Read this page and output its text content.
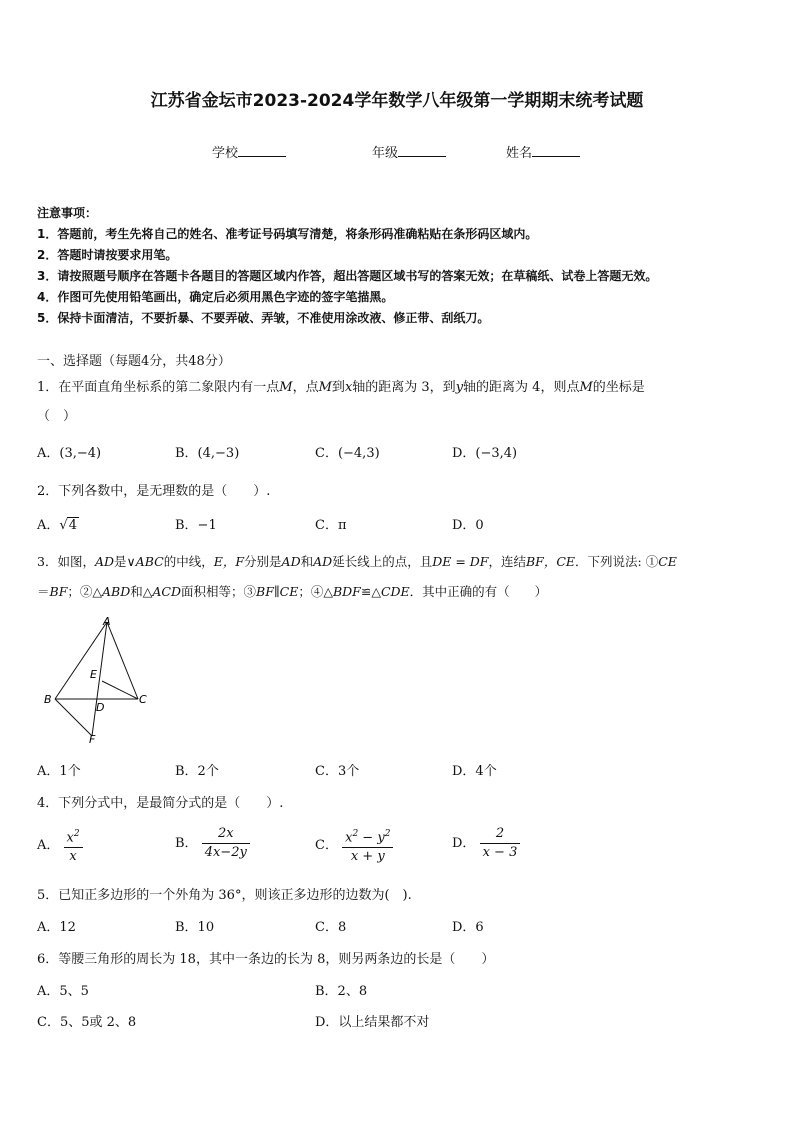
江苏省金坛市2023-2024学年数学八年级第一学期期末统考试题
学校	年级	姓名
注意事项：
1．答题前，考生先将自己的姓名、准考证号码填写清楚，将条形码准确粘贴在条形码区域内。
2．答题时请按要求用笔。
3．请按照题号顺序在答题卡各题目的答题区域内作答，超出答题区域书写的答案无效；在草稿纸、试卷上答题无效。
4．作图可先使用铅笔画出，确定后必须用黑色字迹的签字笔描黑。
5．保持卡面清洁，不要折暴、不要弄破、弄皱，不准使用涂改液、修正带、刮纸刀。
一、选择题（每题4分，共48分）
1．在平面直角坐标系的第二象限内有一点M，点M到x轴的距离为 3，到y轴的距离为 4，则点M的坐标是
（　）
A．(3,−4)	B．(4,−3)	C．(−4,3)	D．(−3,4)
2．下列各数中，是无理数的是（　　）.
A．√4	B．−1	C．π	D．0
3．如图，AD是∨ABC的中线，E，F分别是AD和AD延长线上的点，且DE = DF，连结BF，CE．下列说法: ①CE
＝BF；②△ABD和△ACD面积相等；③BF∥CE；④△BDF≌△CDE．其中正确的有（　　）
A
B	C
D
E
F
A．1个	B．2个	C．3个	D．4个
4．下列分式中，是最简分式的是（　　）.
A． $\frac{x^2}{x}$	B． $\frac{2x}{4x-2y}$	C． $\frac{x^2 - y^2}{x + y}$	D． $\frac{2}{x - 3}$
5．已知正多边形的一个外角为 36°，则该正多边形的边数为(　).
A．12	B．10	C．8	D．6
6．等腰三角形的周长为 18，其中一条边的长为 8，则另两条边的长是（　　）
A．5、5	B．2、8
C．5、5或 2、8	D．以上结果都不对
